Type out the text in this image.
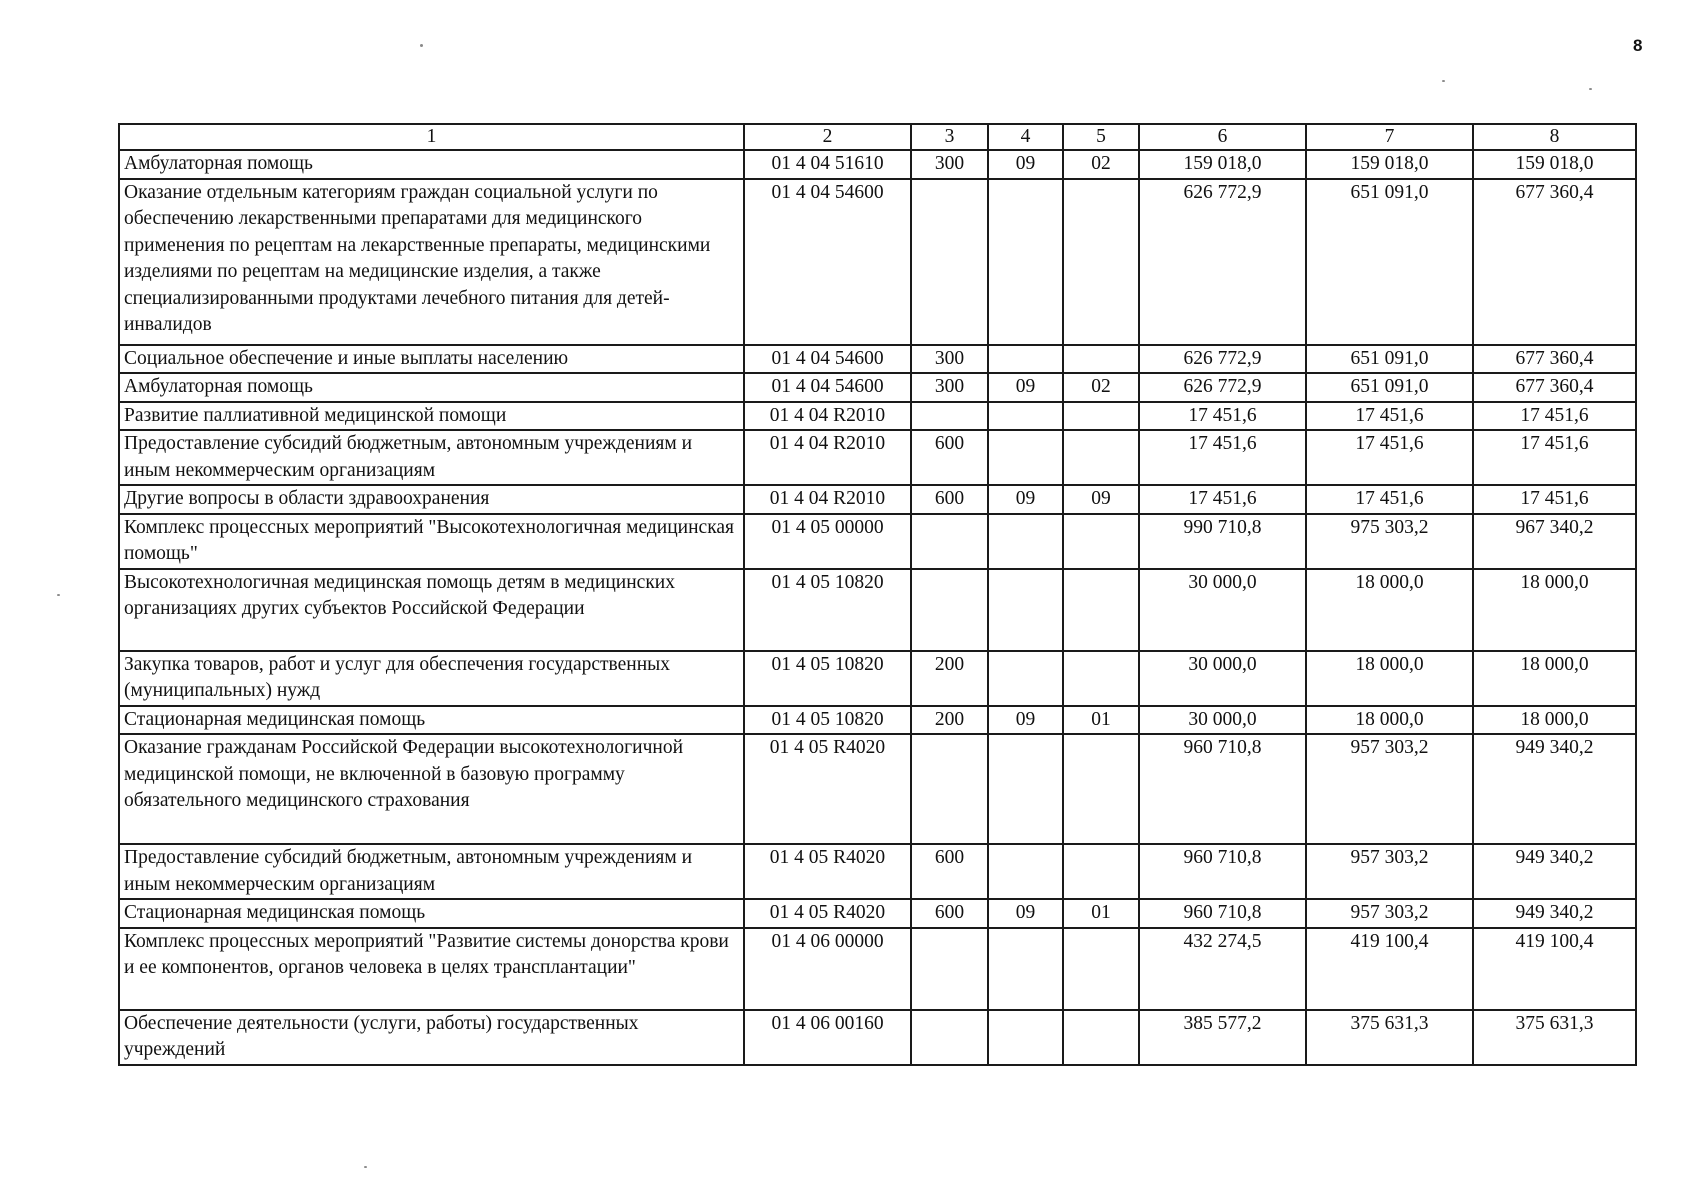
8
1	2	3	4	5	6	7	8
Амбулаторная помощь	01 4 04 51610	300	09	02	159 018,0	159 018,0	159 018,0
Оказание отдельным категориям граждан социальной услуги по обеспечению лекарственными препаратами для медицинского применения по рецептам на лекарственные препараты, медицинскими изделиями по рецептам на медицинские изделия, а также специализированными продуктами лечебного питания для детей-инвалидов	01 4 04 54600				626 772,9	651 091,0	677 360,4
Социальное обеспечение и иные выплаты населению	01 4 04 54600	300			626 772,9	651 091,0	677 360,4
Амбулаторная помощь	01 4 04 54600	300	09	02	626 772,9	651 091,0	677 360,4
Развитие паллиативной медицинской помощи	01 4 04 R2010				17 451,6	17 451,6	17 451,6
Предоставление субсидий бюджетным, автономным учреждениям и иным некоммерческим организациям	01 4 04 R2010	600			17 451,6	17 451,6	17 451,6
Другие вопросы в области здравоохранения	01 4 04 R2010	600	09	09	17 451,6	17 451,6	17 451,6
Комплекс процессных мероприятий "Высокотехнологичная медицинская помощь"	01 4 05 00000				990 710,8	975 303,2	967 340,2
Высокотехнологичная медицинская помощь детям в медицинских организациях других субъектов Российской Федерации	01 4 05 10820				30 000,0	18 000,0	18 000,0
Закупка товаров, работ и услуг для обеспечения государственных (муниципальных) нужд	01 4 05 10820	200			30 000,0	18 000,0	18 000,0
Стационарная медицинская помощь	01 4 05 10820	200	09	01	30 000,0	18 000,0	18 000,0
Оказание гражданам Российской Федерации высокотехнологичной медицинской помощи, не включенной в базовую программу обязательного медицинского страхования	01 4 05 R4020				960 710,8	957 303,2	949 340,2
Предоставление субсидий бюджетным, автономным учреждениям и иным некоммерческим организациям	01 4 05 R4020	600			960 710,8	957 303,2	949 340,2
Стационарная медицинская помощь	01 4 05 R4020	600	09	01	960 710,8	957 303,2	949 340,2
Комплекс процессных мероприятий "Развитие системы донорства крови и ее компонентов, органов человека в целях трансплантации"	01 4 06 00000				432 274,5	419 100,4	419 100,4
Обеспечение деятельности (услуги, работы) государственных учреждений	01 4 06 00160				385 577,2	375 631,3	375 631,3
